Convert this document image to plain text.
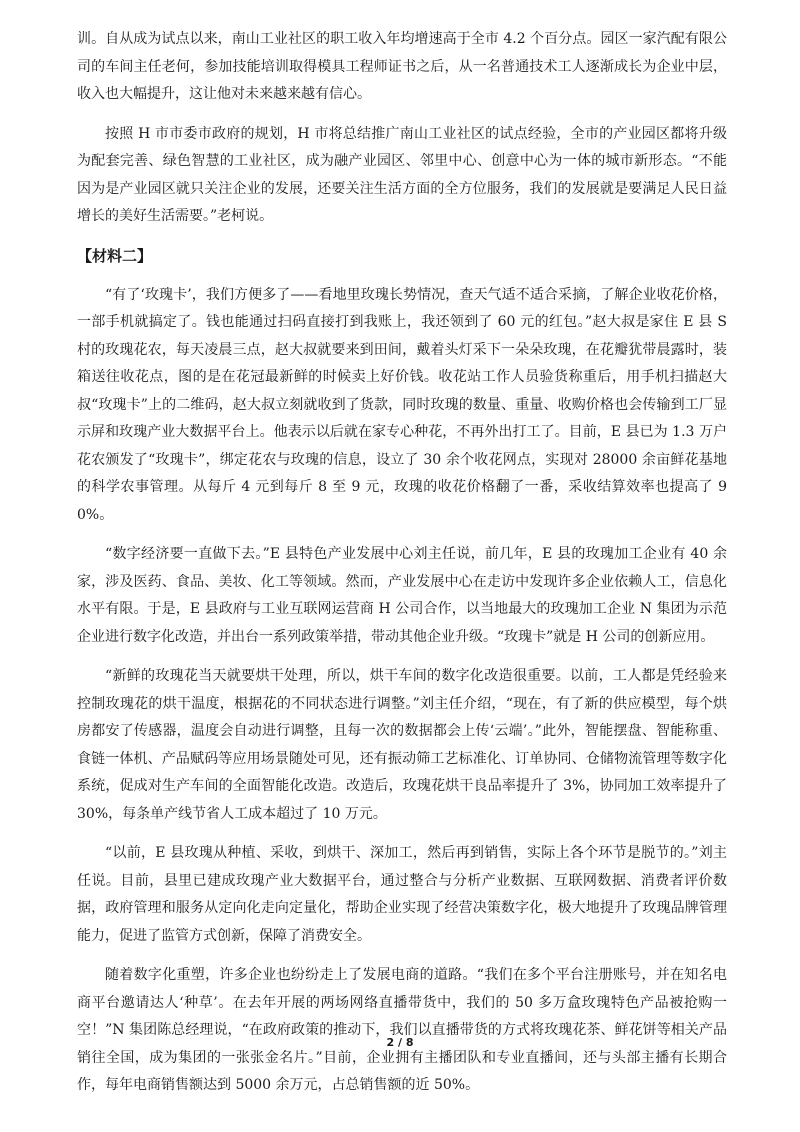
训。自从成为试点以来，南山工业社区的职工收入年均增速高于全市 4.2 个百分点。园区一家汽配有限公司的车间主任老何，参加技能培训取得模具工程师证书之后，从一名普通技术工人逐渐成长为企业中层，收入也大幅提升，这让他对未来越来越有信心。

按照 H 市市委市政府的规划，H 市将总结推广南山工业社区的试点经验，全市的产业园区都将升级为配套完善、绿色智慧的工业社区，成为融产业园区、邻里中心、创意中心为一体的城市新形态。“不能因为是产业园区就只关注企业的发展，还要关注生活方面的全方位服务，我们的发展就是要满足人民日益增长的美好生活需要。”老柯说。

【材料二】

“有了‘玫瑰卡’，我们方便多了——看地里玫瑰长势情况，查天气适不适合采摘，了解企业收花价格，一部手机就搞定了。钱也能通过扫码直接打到我账上，我还领到了 60 元的红包。”赵大叔是家住 E 县 S 村的玫瑰花农，每天凌晨三点，赵大叔就要来到田间，戴着头灯采下一朵朵玫瑰，在花瓣犹带晨露时，装箱送往收花点，图的是在花冠最新鲜的时候卖上好价钱。收花站工作人员验货称重后，用手机扫描赵大叔“玫瑰卡”上的二维码，赵大叔立刻就收到了货款，同时玫瑰的数量、重量、收购价格也会传输到工厂显示屏和玫瑰产业大数据平台上。他表示以后就在家专心种花，不再外出打工了。目前，E 县已为 1.3 万户花农颁发了“玫瑰卡”，绑定花农与玫瑰的信息，设立了 30 余个收花网点，实现对 28000 余亩鲜花基地的科学农事管理。从每斤 4 元到每斤 8 至 9 元，玫瑰的收花价格翻了一番，采收结算效率也提高了 90%。

“数字经济要一直做下去。”E 县特色产业发展中心刘主任说，前几年，E 县的玫瑰加工企业有 40 余家，涉及医药、食品、美妆、化工等领域。然而，产业发展中心在走访中发现许多企业依赖人工，信息化水平有限。于是，E 县政府与工业互联网运营商 H 公司合作，以当地最大的玫瑰加工企业 N 集团为示范企业进行数字化改造，并出台一系列政策举措，带动其他企业升级。“玫瑰卡”就是 H 公司的创新应用。

“新鲜的玫瑰花当天就要烘干处理，所以，烘干车间的数字化改造很重要。以前，工人都是凭经验来控制玫瑰花的烘干温度，根据花的不同状态进行调整。”刘主任介绍，“现在，有了新的供应模型，每个烘房都安了传感器，温度会自动进行调整，且每一次的数据都会上传‘云端’。”此外，智能摆盘、智能称重、食链一体机、产品赋码等应用场景随处可见，还有振动筛工艺标准化、订单协同、仓储物流管理等数字化系统，促成对生产车间的全面智能化改造。改造后，玫瑰花烘干良品率提升了 3%，协同加工效率提升了 30%，每条单产线节省人工成本超过了 10 万元。

“以前，E 县玫瑰从种植、采收，到烘干、深加工，然后再到销售，实际上各个环节是脱节的。”刘主任说。目前，县里已建成玫瑰产业大数据平台，通过整合与分析产业数据、互联网数据、消费者评价数据，政府管理和服务从定向化走向定量化，帮助企业实现了经营决策数字化，极大地提升了玫瑰品牌管理能力，促进了监管方式创新，保障了消费安全。

随着数字化重塑，许多企业也纷纷走上了发展电商的道路。“我们在多个平台注册账号，并在知名电商平台邀请达人‘种草’。在去年开展的两场网络直播带货中，我们的 50 多万盒玫瑰特色产品被抢购一空！”N 集团陈总经理说，“在政府政策的推动下，我们以直播带货的方式将玫瑰花茶、鲜花饼等相关产品销往全国，成为集团的一张张金名片。”目前，企业拥有主播团队和专业直播间，还与头部主播有长期合作，每年电商销售额达到 5000 余万元，占总销售额的近 50%。

2 / 8
